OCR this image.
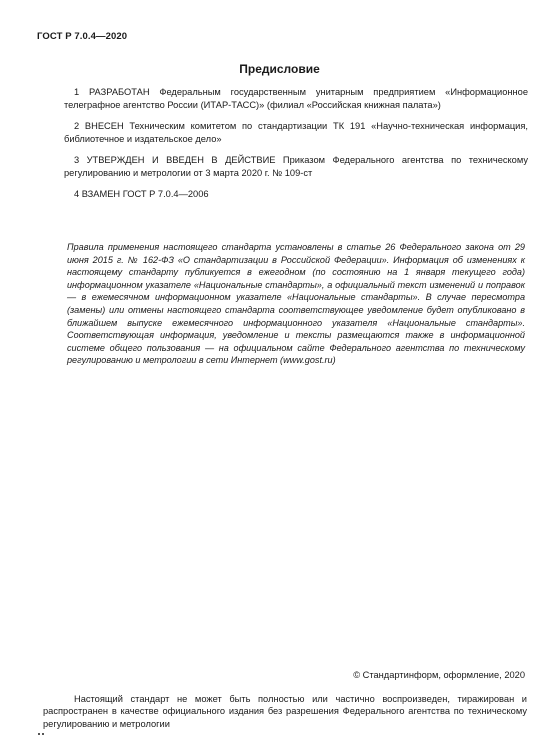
ГОСТ Р 7.0.4—2020
Предисловие
1 РАЗРАБОТАН Федеральным государственным унитарным предприятием «Информационное телеграфное агентство России (ИТАР-ТАСС)» (филиал «Российская книжная палата»)
2 ВНЕСЕН Техническим комитетом по стандартизации ТК 191 «Научно-техническая информация, библиотечное и издательское дело»
3 УТВЕРЖДЕН И ВВЕДЕН В ДЕЙСТВИЕ Приказом Федерального агентства по техническому регулированию и метрологии от 3 марта 2020 г. № 109-ст
4 ВЗАМЕН ГОСТ Р 7.0.4—2006
Правила применения настоящего стандарта установлены в статье 26 Федерального закона от 29 июня 2015 г. № 162-ФЗ «О стандартизации в Российской Федерации». Информация об изменениях к настоящему стандарту публикуется в ежегодном (по состоянию на 1 января текущего года) информационном указателе «Национальные стандарты», а официальный текст изменений и поправок — в ежемесячном информационном указателе «Национальные стандарты». В случае пересмотра (замены) или отмены настоящего стандарта соответствующее уведомление будет опубликовано в ближайшем выпуске ежемесячного информационного указателя «Национальные стандарты». Соответствующая информация, уведомление и тексты размещаются также в информационной системе общего пользования — на официальном сайте Федерального агентства по техническому регулированию и метрологии в сети Интернет (www.gost.ru)
© Стандартинформ, оформление, 2020
Настоящий стандарт не может быть полностью или частично воспроизведен, тиражирован и распространен в качестве официального издания без разрешения Федерального агентства по техническому регулированию и метрологии
